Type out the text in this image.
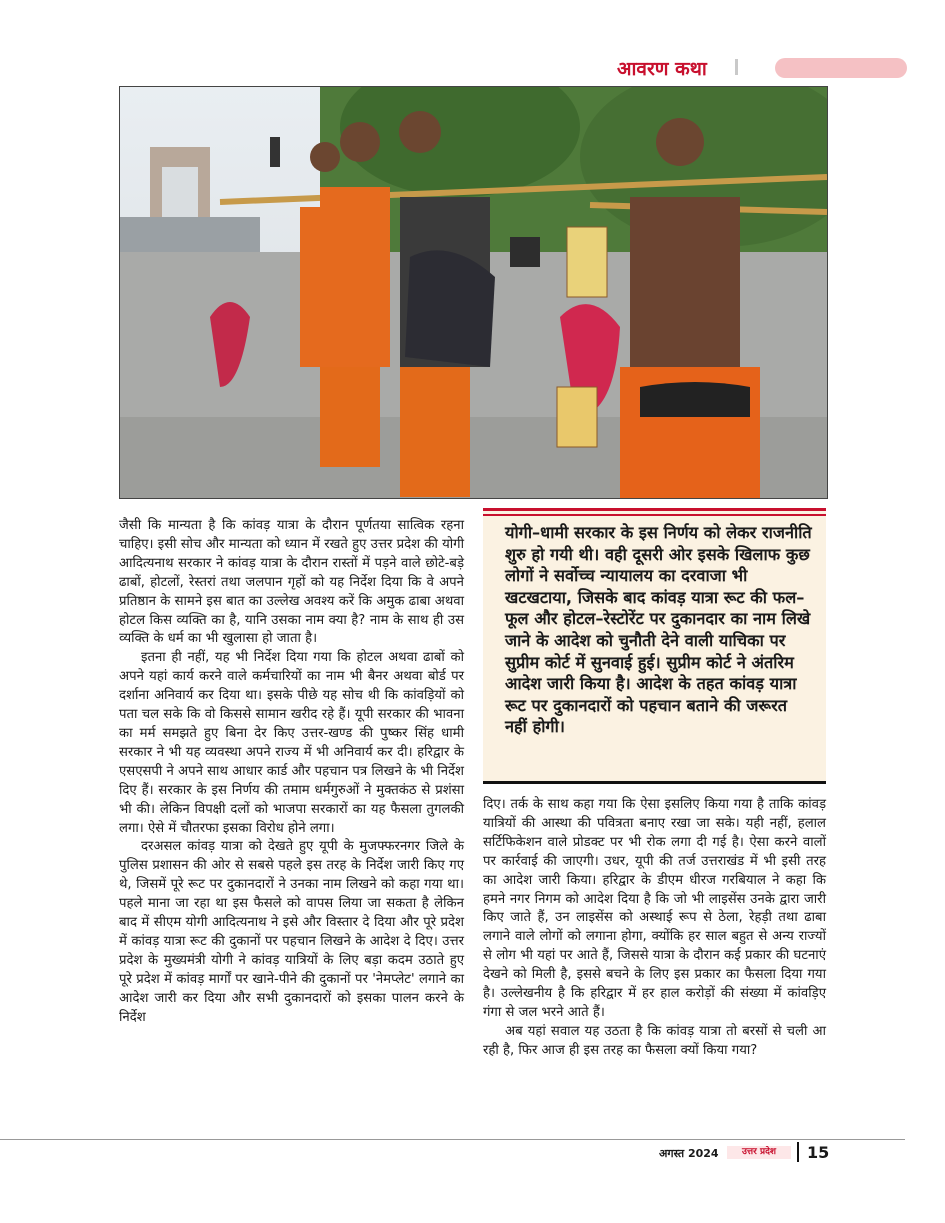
आवरण कथा

जैसी कि मान्यता है कि कांवड़ यात्रा के दौरान पूर्णतया सात्विक रहना चाहिए। इसी सोच और मान्यता को ध्यान में रखते हुए उत्तर प्रदेश की योगी आदित्यनाथ सरकार ने कांवड़ यात्रा के दौरान रास्तों में पड़ने वाले छोटे-बड़े ढाबों, होटलों, रेस्तरां तथा जलपान गृहों को यह निर्देश दिया कि वे अपने प्रतिष्ठान के सामने इस बात का उल्लेख अवश्य करें कि अमुक ढाबा अथवा होटल किस व्यक्ति का है, यानि उसका नाम क्या है? नाम के साथ ही उस व्यक्ति के धर्म का भी खुलासा हो जाता है।

इतना ही नहीं, यह भी निर्देश दिया गया कि होटल अथवा ढाबों को अपने यहां कार्य करने वाले कर्मचारियों का नाम भी बैनर अथवा बोर्ड पर दर्शाना अनिवार्य कर दिया था। इसके पीछे यह सोच थी कि कांवड़ियों को पता चल सके कि वो किससे सामान खरीद रहे हैं। यूपी सरकार की भावना का मर्म समझते हुए बिना देर किए उत्तर-खण्ड की पुष्कर सिंह धामी सरकार ने भी यह व्यवस्था अपने राज्य में भी अनिवार्य कर दी। हरिद्वार के एसएसपी ने अपने साथ आधार कार्ड और पहचान पत्र लिखने के भी निर्देश दिए हैं। सरकार के इस निर्णय की तमाम धर्मगुरुओं ने मुक्तकंठ से प्रशंसा भी की। लेकिन विपक्षी दलों को भाजपा सरकारों का यह फैसला तुगलकी लगा। ऐसे में चौतरफा इसका विरोध होने लगा।

दरअसल कांवड़ यात्रा को देखते हुए यूपी के मुजफ्फरनगर जिले के पुलिस प्रशासन की ओर से सबसे पहले इस तरह के निर्देश जारी किए गए थे, जिसमें पूरे रूट पर दुकानदारों ने उनका नाम लिखने को कहा गया था। पहले माना जा रहा था इस फैसले को वापस लिया जा सकता है लेकिन बाद में सीएम योगी आदित्यनाथ ने इसे और विस्तार दे दिया और पूरे प्रदेश में कांवड़ यात्रा रूट की दुकानों पर पहचान लिखने के आदेश दे दिए। उत्तर प्रदेश के मुख्यमंत्री योगी ने कांवड़ यात्रियों के लिए बड़ा कदम उठाते हुए पूरे प्रदेश में कांवड़ मार्गों पर खाने-पीने की दुकानों पर 'नेमप्लेट' लगाने का आदेश जारी कर दिया और सभी दुकानदारों को इसका पालन करने के निर्देश

योगी–धामी सरकार के इस निर्णय को लेकर राजनीति शुरु हो गयी थी। वही दूसरी ओर इसके खिलाफ कुछ लोगों ने सर्वोच्च न्यायालय का दरवाजा भी खटखटाया, जिसके बाद कांवड़ यात्रा रूट की फल–फूल और होटल–रेस्टोरेंट पर दुकानदार का नाम लिखे जाने के आदेश को चुनौती देने वाली याचिका पर सुप्रीम कोर्ट में सुनवाई हुई। सुप्रीम कोर्ट ने अंतरिम आदेश जारी किया है। आदेश के तहत कांवड़ यात्रा रूट पर दुकानदारों को पहचान बताने की जरूरत नहीं होगी।

दिए। तर्क के साथ कहा गया कि ऐसा इसलिए किया गया है ताकि कांवड़ यात्रियों की आस्था की पवित्रता बनाए रखा जा सके। यही नहीं, हलाल सर्टिफिकेशन वाले प्रोडक्ट पर भी रोक लगा दी गई है। ऐसा करने वालों पर कार्रवाई की जाएगी। उधर, यूपी की तर्ज उत्तराखंड में भी इसी तरह का आदेश जारी किया। हरिद्वार के डीएम धीरज गरबियाल ने कहा कि हमने नगर निगम को आदेश दिया है कि जो भी लाइसेंस उनके द्वारा जारी किए जाते हैं, उन लाइसेंस को अस्थाई रूप से ठेला, रेहड़ी तथा ढाबा लगाने वाले लोगों को लगाना होगा, क्योंकि हर साल बहुत से अन्य राज्यों से लोग भी यहां पर आते हैं, जिससे यात्रा के दौरान कई प्रकार की घटनाएं देखने को मिली है, इससे बचने के लिए इस प्रकार का फैसला दिया गया है। उल्लेखनीय है कि हरिद्वार में हर हाल करोड़ों की संख्या में कांवड़िए गंगा से जल भरने आते हैं।

अब यहां सवाल यह उठता है कि कांवड़ यात्रा तो बरसों से चली आ रही है, फिर आज ही इस तरह का फैसला क्यों किया गया?

अगस्त 2024	उत्तर प्रदेश	15
